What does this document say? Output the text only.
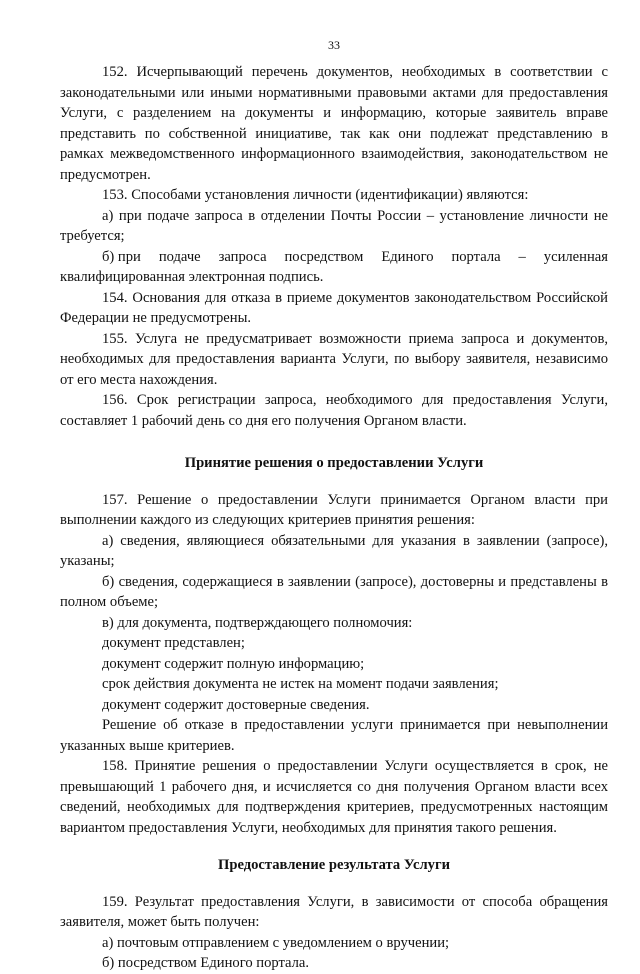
33

152. Исчерпывающий перечень документов, необходимых в соответствии с законодательными или иными нормативными правовыми актами для предоставления Услуги, с разделением на документы и информацию, которые заявитель вправе представить по собственной инициативе, так как они подлежат представлению в рамках межведомственного информационного взаимодействия, законодательством не предусмотрен.

153. Способами установления личности (идентификации) являются:

а) при подаче запроса в отделении Почты России – установление личности не требуется;

б) при подаче запроса посредством Единого портала – усиленная

квалифицированная электронная подпись.

154. Основания для отказа в приеме документов законодательством Российской Федерации не предусмотрены.

155. Услуга не предусматривает возможности приема запроса и документов, необходимых для предоставления варианта Услуги, по выбору заявителя, независимо от его места нахождения.

156. Срок регистрации запроса, необходимого для предоставления Услуги, составляет 1 рабочий день со дня его получения Органом власти.

Принятие решения о предоставлении Услуги

157. Решение о предоставлении Услуги принимается Органом власти при выполнении каждого из следующих критериев принятия решения:

а) сведения, являющиеся обязательными для указания в заявлении (запросе), указаны;

б) сведения, содержащиеся в заявлении (запросе), достоверны и представлены в полном объеме;

в) для документа, подтверждающего полномочия:

документ представлен;

документ содержит полную информацию;

срок действия документа не истек на момент подачи заявления;

документ содержит достоверные сведения.

Решение об отказе в предоставлении услуги принимается при невыполнении указанных выше критериев.

158. Принятие решения о предоставлении Услуги осуществляется в срок, не превышающий 1 рабочего дня, и исчисляется со дня получения Органом власти всех сведений, необходимых для подтверждения критериев, предусмотренных настоящим вариантом предоставления Услуги, необходимых для принятия такого решения.

Предоставление результата Услуги

159. Результат предоставления Услуги, в зависимости от способа обращения заявителя, может быть получен:

а) почтовым отправлением с уведомлением о вручении;

б) посредством Единого портала.
